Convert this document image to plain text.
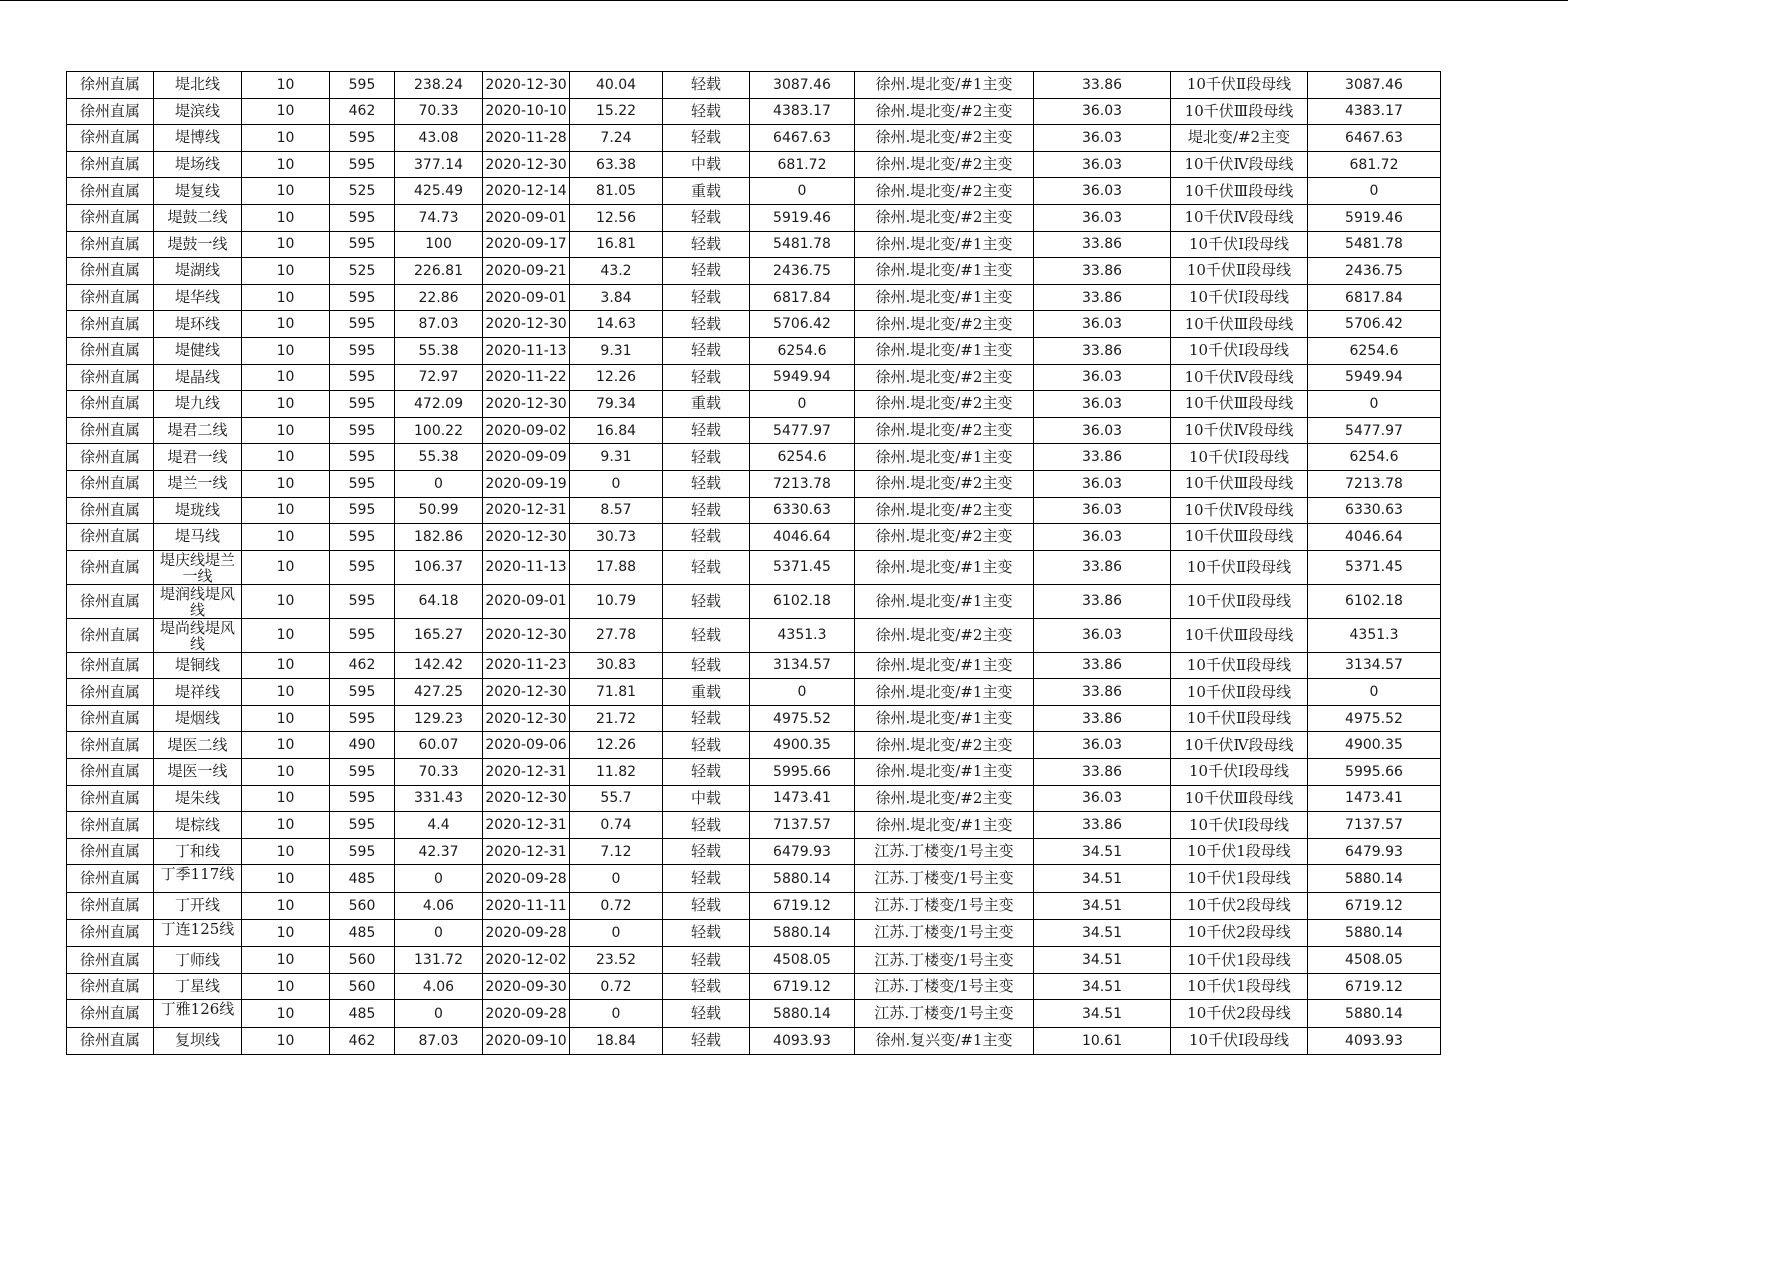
徐州直属	堤北线	10	595	238.24	2020-12-30	40.04	轻载	3087.46	徐州.堤北变/#1主变	33.86	10千伏Ⅱ段母线	3087.46
徐州直属	堤滨线	10	462	70.33	2020-10-10	15.22	轻载	4383.17	徐州.堤北变/#2主变	36.03	10千伏Ⅲ段母线	4383.17
徐州直属	堤博线	10	595	43.08	2020-11-28	7.24	轻载	6467.63	徐州.堤北变/#2主变	36.03	堤北变/#2主变	6467.63
徐州直属	堤场线	10	595	377.14	2020-12-30	63.38	中载	681.72	徐州.堤北变/#2主变	36.03	10千伏Ⅳ段母线	681.72
徐州直属	堤复线	10	525	425.49	2020-12-14	81.05	重载	0	徐州.堤北变/#2主变	36.03	10千伏Ⅲ段母线	0
徐州直属	堤鼓二线	10	595	74.73	2020-09-01	12.56	轻载	5919.46	徐州.堤北变/#2主变	36.03	10千伏Ⅳ段母线	5919.46
徐州直属	堤鼓一线	10	595	100	2020-09-17	16.81	轻载	5481.78	徐州.堤北变/#1主变	33.86	10千伏Ⅰ段母线	5481.78
徐州直属	堤湖线	10	525	226.81	2020-09-21	43.2	轻载	2436.75	徐州.堤北变/#1主变	33.86	10千伏Ⅱ段母线	2436.75
徐州直属	堤华线	10	595	22.86	2020-09-01	3.84	轻载	6817.84	徐州.堤北变/#1主变	33.86	10千伏Ⅰ段母线	6817.84
徐州直属	堤环线	10	595	87.03	2020-12-30	14.63	轻载	5706.42	徐州.堤北变/#2主变	36.03	10千伏Ⅲ段母线	5706.42
徐州直属	堤健线	10	595	55.38	2020-11-13	9.31	轻载	6254.6	徐州.堤北变/#1主变	33.86	10千伏Ⅰ段母线	6254.6
徐州直属	堤晶线	10	595	72.97	2020-11-22	12.26	轻载	5949.94	徐州.堤北变/#2主变	36.03	10千伏Ⅳ段母线	5949.94
徐州直属	堤九线	10	595	472.09	2020-12-30	79.34	重载	0	徐州.堤北变/#2主变	36.03	10千伏Ⅲ段母线	0
徐州直属	堤君二线	10	595	100.22	2020-09-02	16.84	轻载	5477.97	徐州.堤北变/#2主变	36.03	10千伏Ⅳ段母线	5477.97
徐州直属	堤君一线	10	595	55.38	2020-09-09	9.31	轻载	6254.6	徐州.堤北变/#1主变	33.86	10千伏Ⅰ段母线	6254.6
徐州直属	堤兰一线	10	595	0	2020-09-19	0	轻载	7213.78	徐州.堤北变/#2主变	36.03	10千伏Ⅲ段母线	7213.78
徐州直属	堤珑线	10	595	50.99	2020-12-31	8.57	轻载	6330.63	徐州.堤北变/#2主变	36.03	10千伏Ⅳ段母线	6330.63
徐州直属	堤马线	10	595	182.86	2020-12-30	30.73	轻载	4046.64	徐州.堤北变/#2主变	36.03	10千伏Ⅲ段母线	4046.64
徐州直属	堤庆线堤兰一线	10	595	106.37	2020-11-13	17.88	轻载	5371.45	徐州.堤北变/#1主变	33.86	10千伏Ⅱ段母线	5371.45
徐州直属	堤润线堤风线	10	595	64.18	2020-09-01	10.79	轻载	6102.18	徐州.堤北变/#1主变	33.86	10千伏Ⅱ段母线	6102.18
徐州直属	堤尚线堤风线	10	595	165.27	2020-12-30	27.78	轻载	4351.3	徐州.堤北变/#2主变	36.03	10千伏Ⅲ段母线	4351.3
徐州直属	堤铜线	10	462	142.42	2020-11-23	30.83	轻载	3134.57	徐州.堤北变/#1主变	33.86	10千伏Ⅱ段母线	3134.57
徐州直属	堤祥线	10	595	427.25	2020-12-30	71.81	重载	0	徐州.堤北变/#1主变	33.86	10千伏Ⅱ段母线	0
徐州直属	堤烟线	10	595	129.23	2020-12-30	21.72	轻载	4975.52	徐州.堤北变/#1主变	33.86	10千伏Ⅱ段母线	4975.52
徐州直属	堤医二线	10	490	60.07	2020-09-06	12.26	轻载	4900.35	徐州.堤北变/#2主变	36.03	10千伏Ⅳ段母线	4900.35
徐州直属	堤医一线	10	595	70.33	2020-12-31	11.82	轻载	5995.66	徐州.堤北变/#1主变	33.86	10千伏Ⅰ段母线	5995.66
徐州直属	堤朱线	10	595	331.43	2020-12-30	55.7	中载	1473.41	徐州.堤北变/#2主变	36.03	10千伏Ⅲ段母线	1473.41
徐州直属	堤棕线	10	595	4.4	2020-12-31	0.74	轻载	7137.57	徐州.堤北变/#1主变	33.86	10千伏Ⅰ段母线	7137.57
徐州直属	丁和线	10	595	42.37	2020-12-31	7.12	轻载	6479.93	江苏.丁楼变/1号主变	34.51	10千伏1段母线	6479.93
徐州直属	丁季117线	10	485	0	2020-09-28	0	轻载	5880.14	江苏.丁楼变/1号主变	34.51	10千伏1段母线	5880.14
徐州直属	丁开线	10	560	4.06	2020-11-11	0.72	轻载	6719.12	江苏.丁楼变/1号主变	34.51	10千伏2段母线	6719.12
徐州直属	丁连125线	10	485	0	2020-09-28	0	轻载	5880.14	江苏.丁楼变/1号主变	34.51	10千伏2段母线	5880.14
徐州直属	丁师线	10	560	131.72	2020-12-02	23.52	轻载	4508.05	江苏.丁楼变/1号主变	34.51	10千伏1段母线	4508.05
徐州直属	丁星线	10	560	4.06	2020-09-30	0.72	轻载	6719.12	江苏.丁楼变/1号主变	34.51	10千伏1段母线	6719.12
徐州直属	丁雅126线	10	485	0	2020-09-28	0	轻载	5880.14	江苏.丁楼变/1号主变	34.51	10千伏2段母线	5880.14
徐州直属	复坝线	10	462	87.03	2020-09-10	18.84	轻载	4093.93	徐州.复兴变/#1主变	10.61	10千伏Ⅰ段母线	4093.93
